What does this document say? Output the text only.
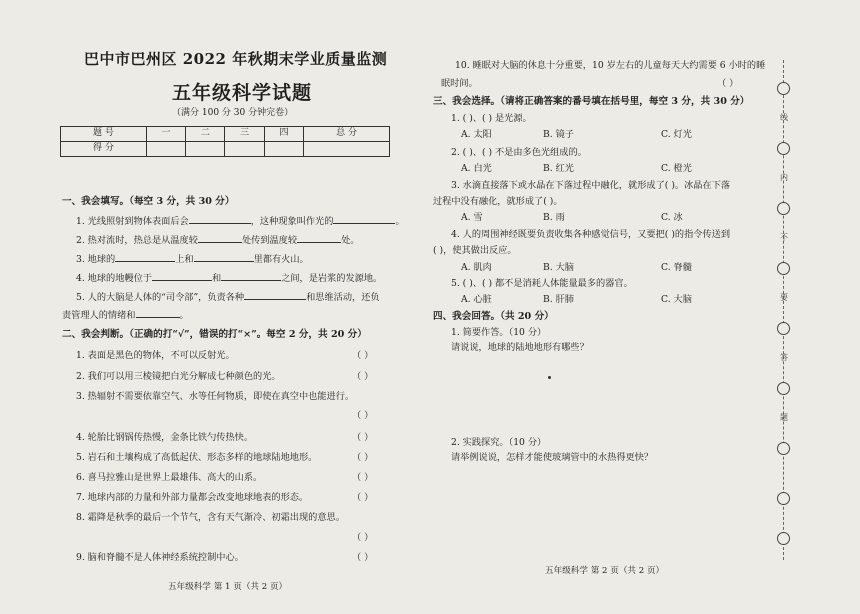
巴中市巴州区 2022 年秋期末学业质量监测
五年级科学试题
（满分 100 分 30 分钟完卷）
题 号	一	二	三	四	总 分
得 分					
一、我会填写。（每空 3 分，共 30 分）
1. 光线照射到物体表面后会	，这种现象叫作光的	。
2. 热对流时，热总是从温度较	处传到温度较	处。
3. 地球的	上和	里都有火山。
4. 地球的地幔位于	和	之间，是岩浆的发源地。
5. 人的大脑是人体的“司令部”，负责各种	和思维活动，还负
责管理人的情绪和	。
二、我会判断。（正确的打“√”，错误的打“×”。每空 2 分，共 20 分）
1. 表面是黑色的物体，不可以反射光。	（ ）
2. 我们可以用三棱镜把白光分解成七种颜色的光。	（ ）
3. 热辐射不需要依靠空气、水等任何物质，即使在真空中也能进行。
（ ）
4. 轮胎比钢锅传热慢，金条比铁勺传热快。	（ ）
5. 岩石和土壤构成了高低起伏、形态多样的地球陆地地形。	（ ）
6. 喜马拉雅山是世界上最雄伟、高大的山系。	（ ）
7. 地球内部的力量和外部力量都会改变地球地表的形态。	（ ）
8. 霜降是秋季的最后一个节气，含有天气渐冷、初霜出现的意思。
（ ）
9. 脑和脊髓不是人体神经系统控制中心。	（ ）
五年级科学 第 1 页（共 2 页）
10. 睡眠对大脑的休息十分重要，10 岁左右的儿童每天大约需要 6 小时的睡
眠时间。	（ ）
三、我会选择。（请将正确答案的番号填在括号里，每空 3 分，共 30 分）
1. ( )、( ) 是光源。
A. 太阳	B. 镜子	C. 灯光
2. ( )、( ) 不是由多色光组成的。
A. 白光	B. 红光	C. 橙光
3. 水滴直接落下或水晶在下落过程中融化，就形成了( )。冰晶在下落
过程中没有融化，就形成了( )。
A. 雪	B. 雨	C. 冰
4. 人的周围神经既要负责收集各种感觉信号，又要把( )的指令传送到
( )，使其做出反应。
A. 肌肉	B. 大脑	C. 脊髓
5. ( )、( ) 都不是消耗人体能量最多的器官。
A. 心脏	B. 肝肺	C. 大脑
四、我会回答。（共 20 分）
1. 简要作答。（10 分）
请说说，地球的陆地地形有哪些？
2. 实践探究。（10 分）
请举例说说，怎样才能使玻璃管中的水热得更快？
五年级科学 第 2 页（共 2 页）
线
内
不
要
答
题
